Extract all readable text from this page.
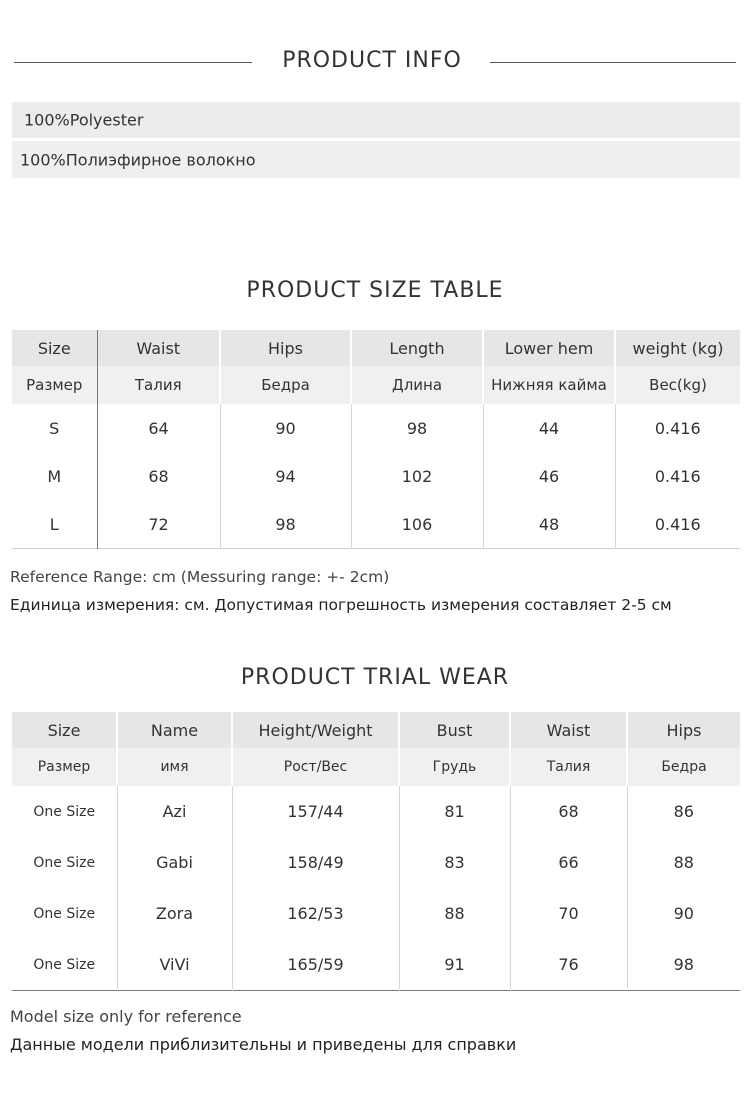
PRODUCT INFO
100%Polyester
100%Полиэфирное волокно
PRODUCT SIZE TABLE
Size	Waist	Hips	Length	Lower hem	weight (kg)
Размер	Талия	Бедра	Длина	Нижняя кайма	Вес(kg)
S	64	90	98	44	0.416
M	68	94	102	46	0.416
L	72	98	106	48	0.416
Reference Range: cm (Messuring range: +- 2cm)
Единица измерения: см. Допустимая погрешность измерения составляет 2-5 см
PRODUCT TRIAL WEAR
Size	Name	Height/Weight	Bust	Waist	Hips
Размер	имя	Рост/Вес	Грудь	Талия	Бедра
One Size	Azi	157/44	81	68	86
One Size	Gabi	158/49	83	66	88
One Size	Zora	162/53	88	70	90
One Size	ViVi	165/59	91	76	98
Model size only for reference
Данные модели приблизительны и приведены для справки
